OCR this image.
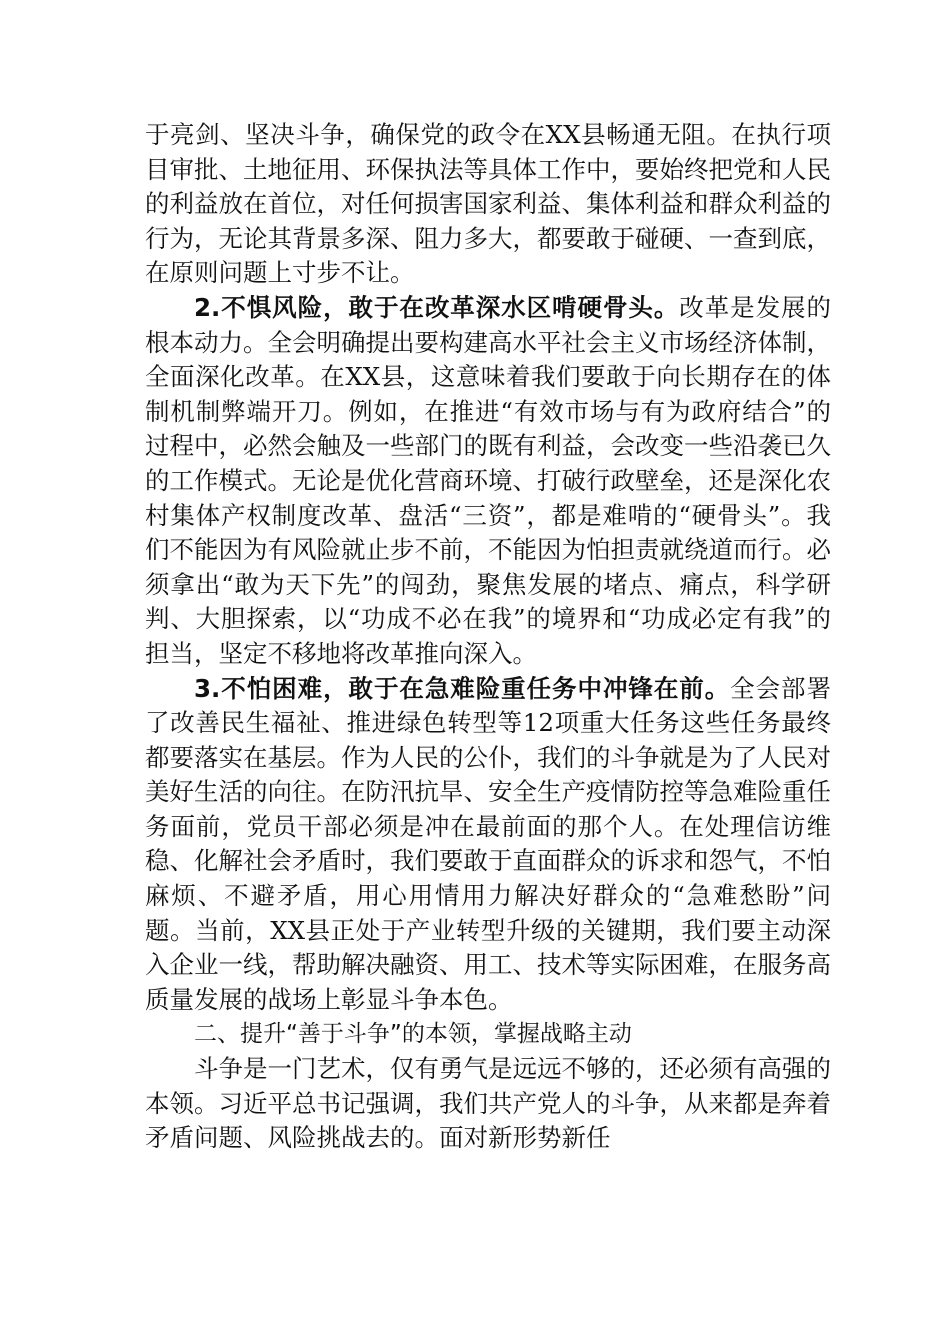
于亮剑、坚决斗争，确保党的政令在XX县畅通无阻。在执行项目审批、土地征用、环保执法等具体工作中，要始终把党和人民的利益放在首位，对任何损害国家利益、集体利益和群众利益的行为，无论其背景多深、阻力多大，都要敢于碰硬、一查到底，在原则问题上寸步不让。

2.不惧风险，敢于在改革深水区啃硬骨头。改革是发展的根本动力。全会明确提出要构建高水平社会主义市场经济体制，全面深化改革。在XX县，这意味着我们要敢于向长期存在的体制机制弊端开刀。例如，在推进“有效市场与有为政府结合”的过程中，必然会触及一些部门的既有利益，会改变一些沿袭已久的工作模式。无论是优化营商环境、打破行政壁垒，还是深化农村集体产权制度改革、盘活“三资”，都是难啃的“硬骨头”。我们不能因为有风险就止步不前，不能因为怕担责就绕道而行。必须拿出“敢为天下先”的闯劲，聚焦发展的堵点、痛点，科学研判、大胆探索，以“功成不必在我”的境界和“功成必定有我”的担当，坚定不移地将改革推向深入。

3.不怕困难，敢于在急难险重任务中冲锋在前。全会部署了改善民生福祉、推进绿色转型等12项重大任务这些任务最终都要落实在基层。作为人民的公仆，我们的斗争就是为了人民对美好生活的向往。在防汛抗旱、安全生产疫情防控等急难险重任务面前，党员干部必须是冲在最前面的那个人。在处理信访维稳、化解社会矛盾时，我们要敢于直面群众的诉求和怨气，不怕麻烦、不避矛盾，用心用情用力解决好群众的“急难愁盼”问题。当前，XX县正处于产业转型升级的关键期，我们要主动深入企业一线，帮助解决融资、用工、技术等实际困难，在服务高质量发展的战场上彰显斗争本色。

二、提升“善于斗争”的本领，掌握战略主动

斗争是一门艺术，仅有勇气是远远不够的，还必须有高强的本领。习近平总书记强调，我们共产党人的斗争，从来都是奔着矛盾问题、风险挑战去的。面对新形势新任
